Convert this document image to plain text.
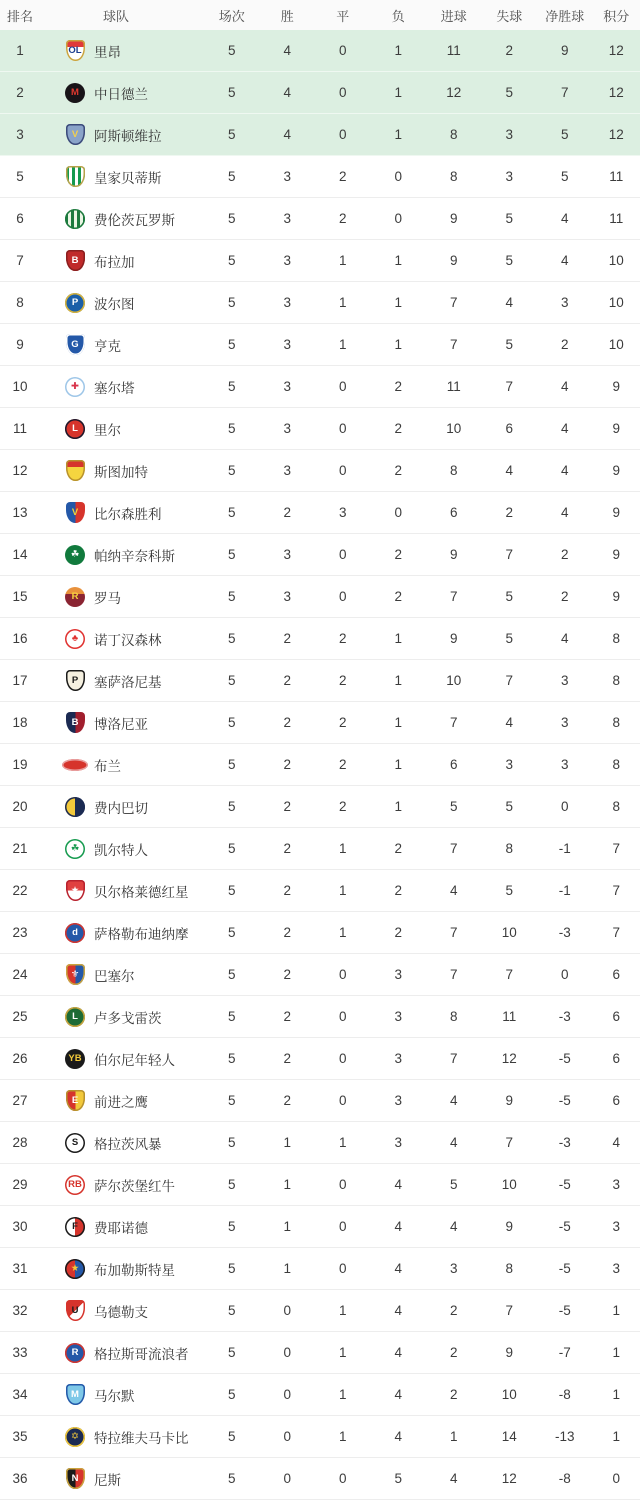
排名	球队	场次	胜	平	负	进球	失球	净胜球	积分
1	OL 里昂	5	4	0	1	11	2	9	12
2	M 中日德兰	5	4	0	1	12	5	7	12
3	V 阿斯顿维拉	5	4	0	1	8	3	5	12
5	皇家贝蒂斯	5	3	2	0	8	3	5	11
6	费伦茨瓦罗斯	5	3	2	0	9	5	4	11
7	B 布拉加	5	3	1	1	9	5	4	10
8	P 波尔图	5	3	1	1	7	4	3	10
9	G 亨克	5	3	1	1	7	5	2	10
10	✚ 塞尔塔	5	3	0	2	11	7	4	9
11	L 里尔	5	3	0	2	10	6	4	9
12	斯图加特	5	3	0	2	8	4	4	9
13	V 比尔森胜利	5	2	3	0	6	2	4	9
14	☘ 帕纳辛奈科斯	5	3	0	2	9	7	2	9
15	R 罗马	5	3	0	2	7	5	2	9
16	♣ 诺丁汉森林	5	2	2	1	9	5	4	8
17	P 塞萨洛尼基	5	2	2	1	10	7	3	8
18	B 博洛尼亚	5	2	2	1	7	4	3	8
19	布兰	5	2	2	1	6	3	3	8
20	费内巴切	5	2	2	1	5	5	0	8
21	☘ 凯尔特人	5	2	1	2	7	8	-1	7
22	★ 贝尔格莱德红星	5	2	1	2	4	5	-1	7
23	d 萨格勒布迪纳摩	5	2	1	2	7	10	-3	7
24	⚜ 巴塞尔	5	2	0	3	7	7	0	6
25	L 卢多戈雷茨	5	2	0	3	8	11	-3	6
26	YB 伯尔尼年轻人	5	2	0	3	7	12	-5	6
27	E 前进之鹰	5	2	0	3	4	9	-5	6
28	S 格拉茨风暴	5	1	1	3	4	7	-3	4
29	RB 萨尔茨堡红牛	5	1	0	4	5	10	-5	3
30	F 费耶诺德	5	1	0	4	4	9	-5	3
31	★ 布加勒斯特星	5	1	0	4	3	8	-5	3
32	U 乌德勒支	5	0	1	4	2	7	-5	1
33	R 格拉斯哥流浪者	5	0	1	4	2	9	-7	1
34	M 马尔默	5	0	1	4	2	10	-8	1
35	✡ 特拉维夫马卡比	5	0	1	4	1	14	-13	1
36	N 尼斯	5	0	0	5	4	12	-8	0
